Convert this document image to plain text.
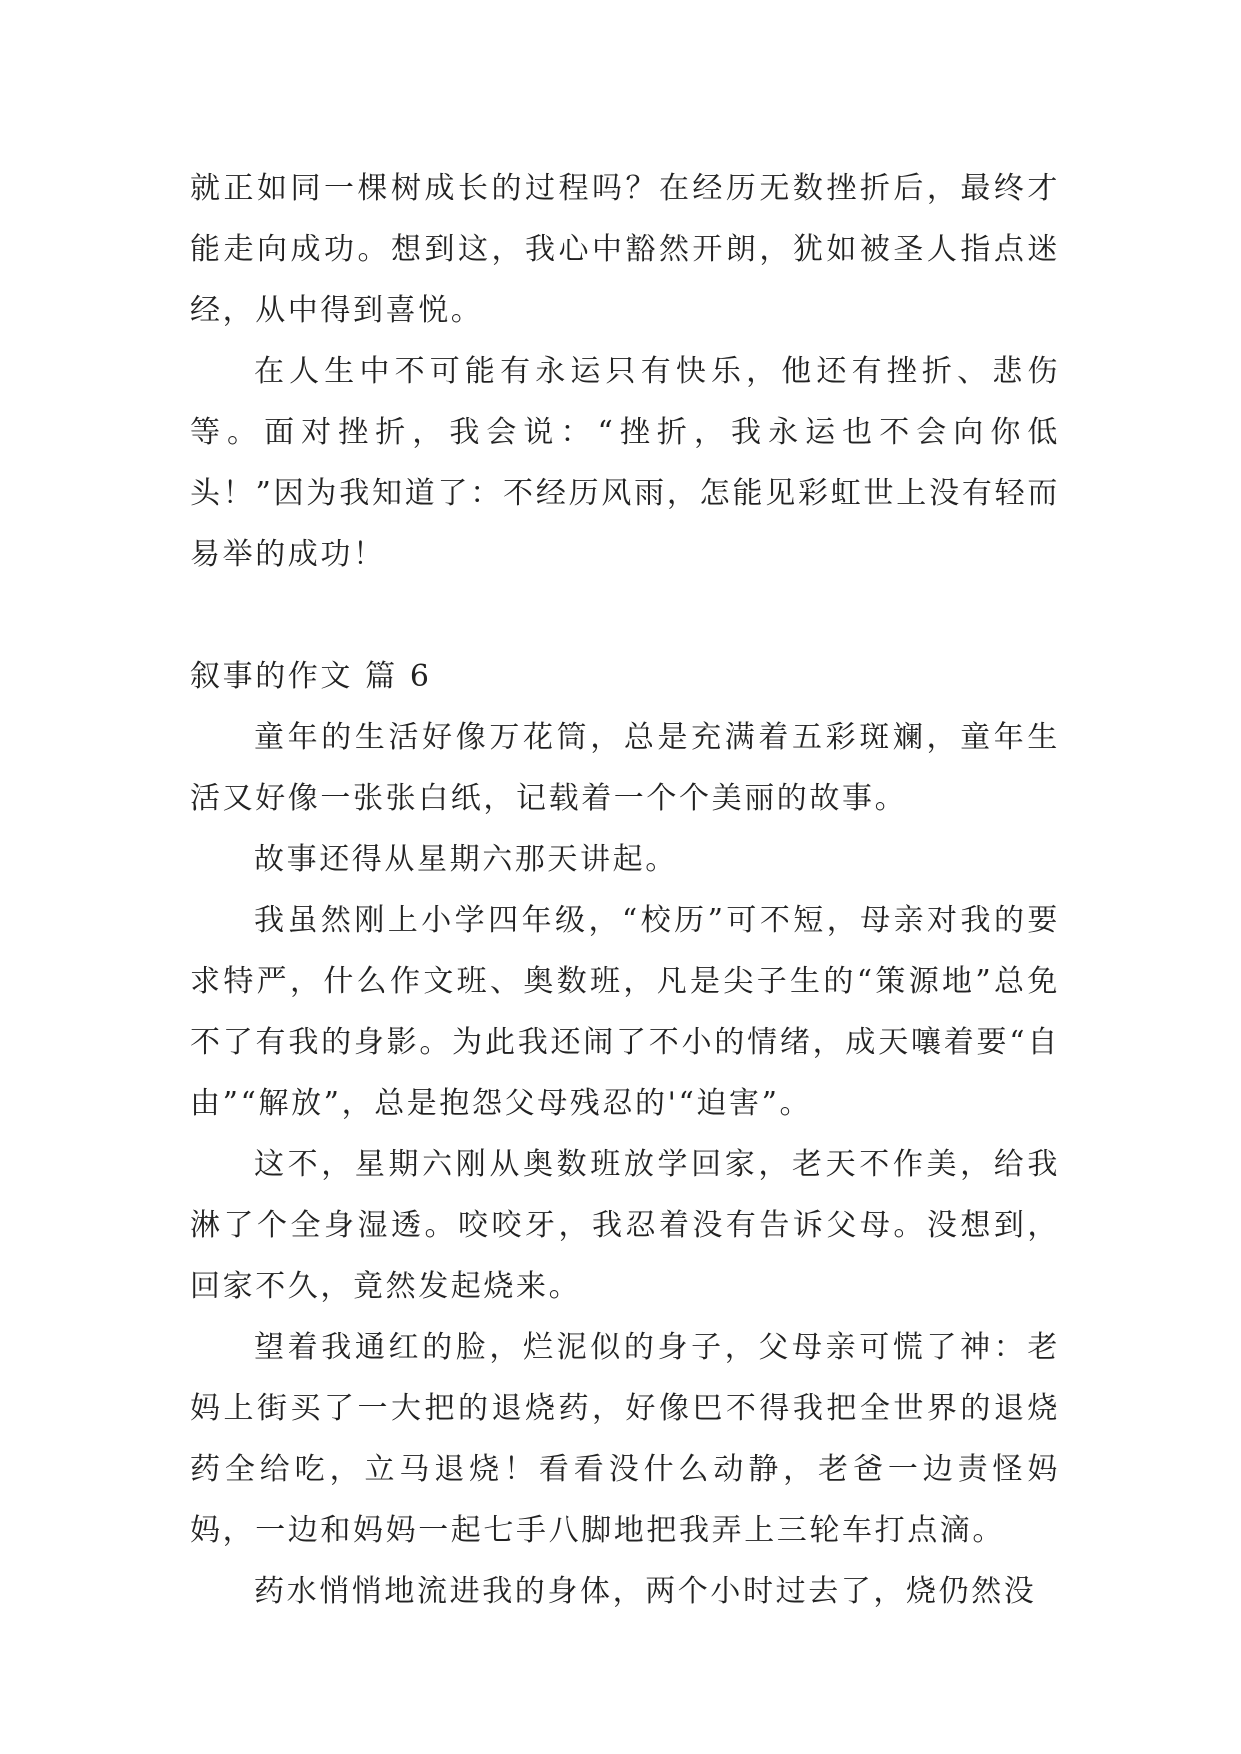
就正如同一棵树成长的过程吗？在经历无数挫折后，最终才能走向成功。想到这，我心中豁然开朗，犹如被圣人指点迷经，从中得到喜悦。

在人生中不可能有永运只有快乐，他还有挫折、悲伤等。面对挫折，我会说：“挫折，我永运也不会向你低头！”因为我知道了：不经历风雨，怎能见彩虹世上没有轻而易举的成功！

叙事的作文 篇 6

童年的生活好像万花筒，总是充满着五彩斑斓，童年生活又好像一张张白纸，记载着一个个美丽的故事。

故事还得从星期六那天讲起。

我虽然刚上小学四年级，“校历”可不短，母亲对我的要求特严，什么作文班、奥数班，凡是尖子生的“策源地”总免不了有我的身影。为此我还闹了不小的情绪，成天嚷着要“自由”“解放”，总是抱怨父母残忍的'“迫害”。

这不，星期六刚从奥数班放学回家，老天不作美，给我淋了个全身湿透。咬咬牙，我忍着没有告诉父母。没想到，回家不久，竟然发起烧来。

望着我通红的脸，烂泥似的身子，父母亲可慌了神：老妈上街买了一大把的退烧药，好像巴不得我把全世界的退烧药全给吃，立马退烧！看看没什么动静，老爸一边责怪妈妈，一边和妈妈一起七手八脚地把我弄上三轮车打点滴。

药水悄悄地流进我的身体，两个小时过去了，烧仍然没
